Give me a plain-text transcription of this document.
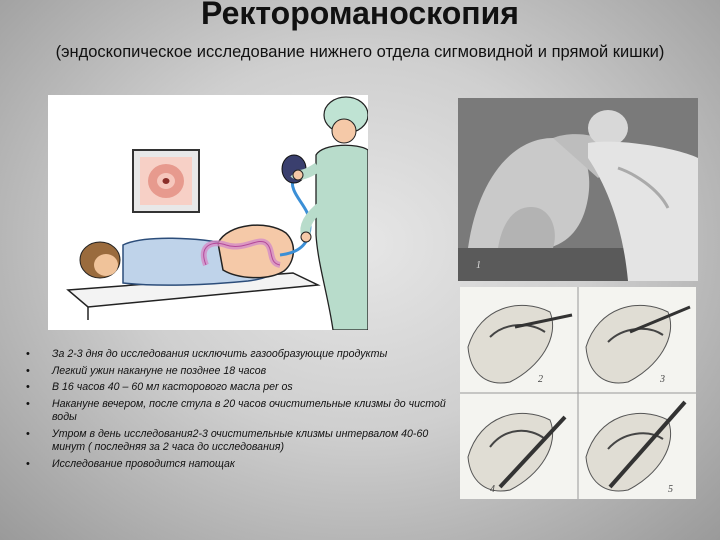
Ректороманоскопия

(эндоскопическое исследование нижнего отдела сигмовидной и прямой кишки)

1
2	3
4	5
• За 2-3 дня до исследования исключить газообразующие продукты
• Легкий ужин накануне не позднее 18 часов
• В 16 часов 40 – 60 мл касторового масла per os
• Накануне вечером, после стула в 20 часов очистительные клизмы до чистой воды
• Утром в день исследования2-3 очистительные клизмы интервалом 40-60 минут ( последняя за 2 часа до исследования)
• Исследование проводится натощак
